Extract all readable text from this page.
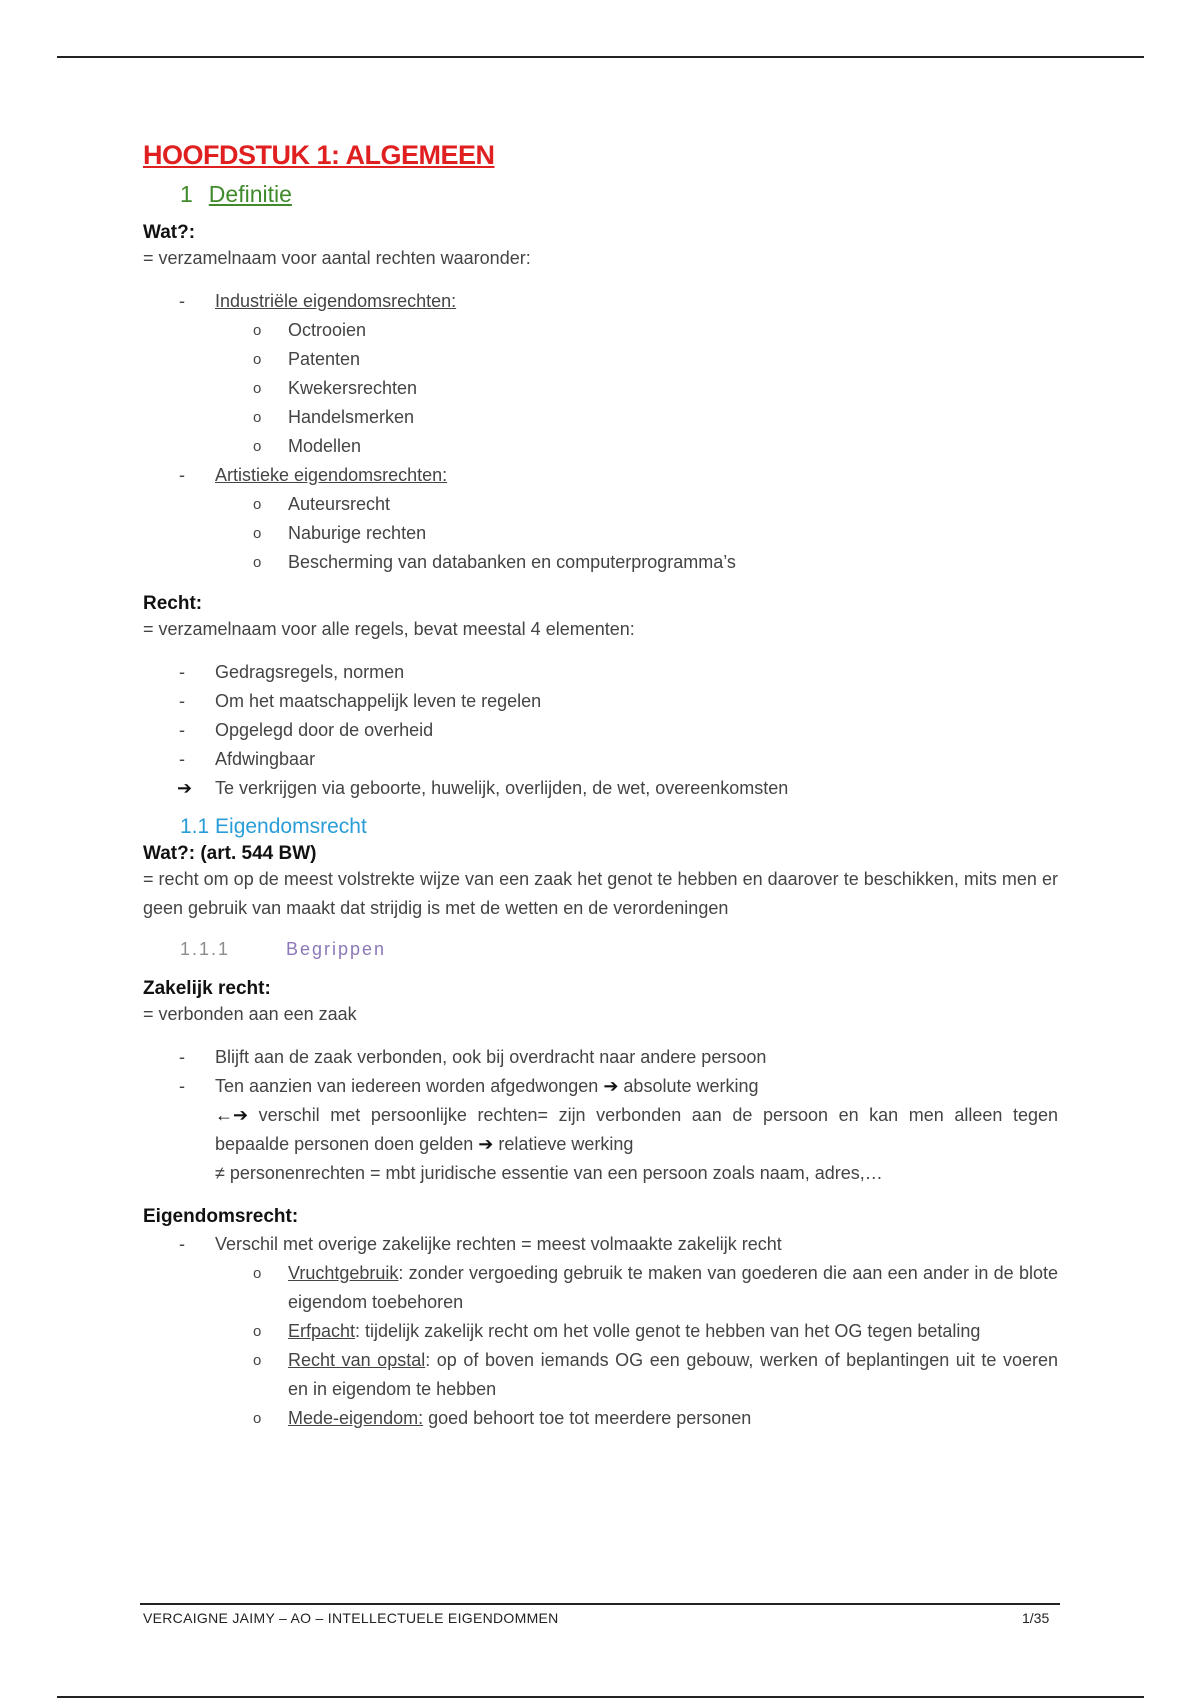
HOOFDSTUK 1: ALGEMEEN
1 Definitie
Wat?:
= verzamelnaam voor aantal rechten waaronder:
- Industriële eigendomsrechten:
o Octrooien
o Patenten
o Kwekersrechten
o Handelsmerken
o Modellen
- Artistieke eigendomsrechten:
o Auteursrecht
o Naburige rechten
o Bescherming van databanken en computerprogramma’s
Recht:
= verzamelnaam voor alle regels, bevat meestal 4 elementen:
- Gedragsregels, normen
- Om het maatschappelijk leven te regelen
- Opgelegd door de overheid
- Afdwingbaar
➔ Te verkrijgen via geboorte, huwelijk, overlijden, de wet, overeenkomsten
1.1 Eigendomsrecht
Wat?: (art. 544 BW)
= recht om op de meest volstrekte wijze van een zaak het genot te hebben en daarover te beschikken, mits men er geen gebruik van maakt dat strijdig is met de wetten en de verordeningen
1.1.1	Begrippen
Zakelijk recht:
= verbonden aan een zaak
- Blijft aan de zaak verbonden, ook bij overdracht naar andere persoon
- Ten aanzien van iedereen worden afgedwongen ➔ absolute werking
←➔ verschil met persoonlijke rechten= zijn verbonden aan de persoon en kan men alleen tegen bepaalde personen doen gelden ➔ relatieve werking
≠ personenrechten = mbt juridische essentie van een persoon zoals naam, adres,…
Eigendomsrecht:
- Verschil met overige zakelijke rechten = meest volmaakte zakelijk recht
o Vruchtgebruik: zonder vergoeding gebruik te maken van goederen die aan een ander in de blote eigendom toebehoren
o Erfpacht: tijdelijk zakelijk recht om het volle genot te hebben van het OG tegen betaling
o Recht van opstal: op of boven iemands OG een gebouw, werken of beplantingen uit te voeren en in eigendom te hebben
o Mede-eigendom: goed behoort toe tot meerdere personen
VERCAIGNE JAIMY – AO – INTELLECTUELE EIGENDOMMEN	1/35
